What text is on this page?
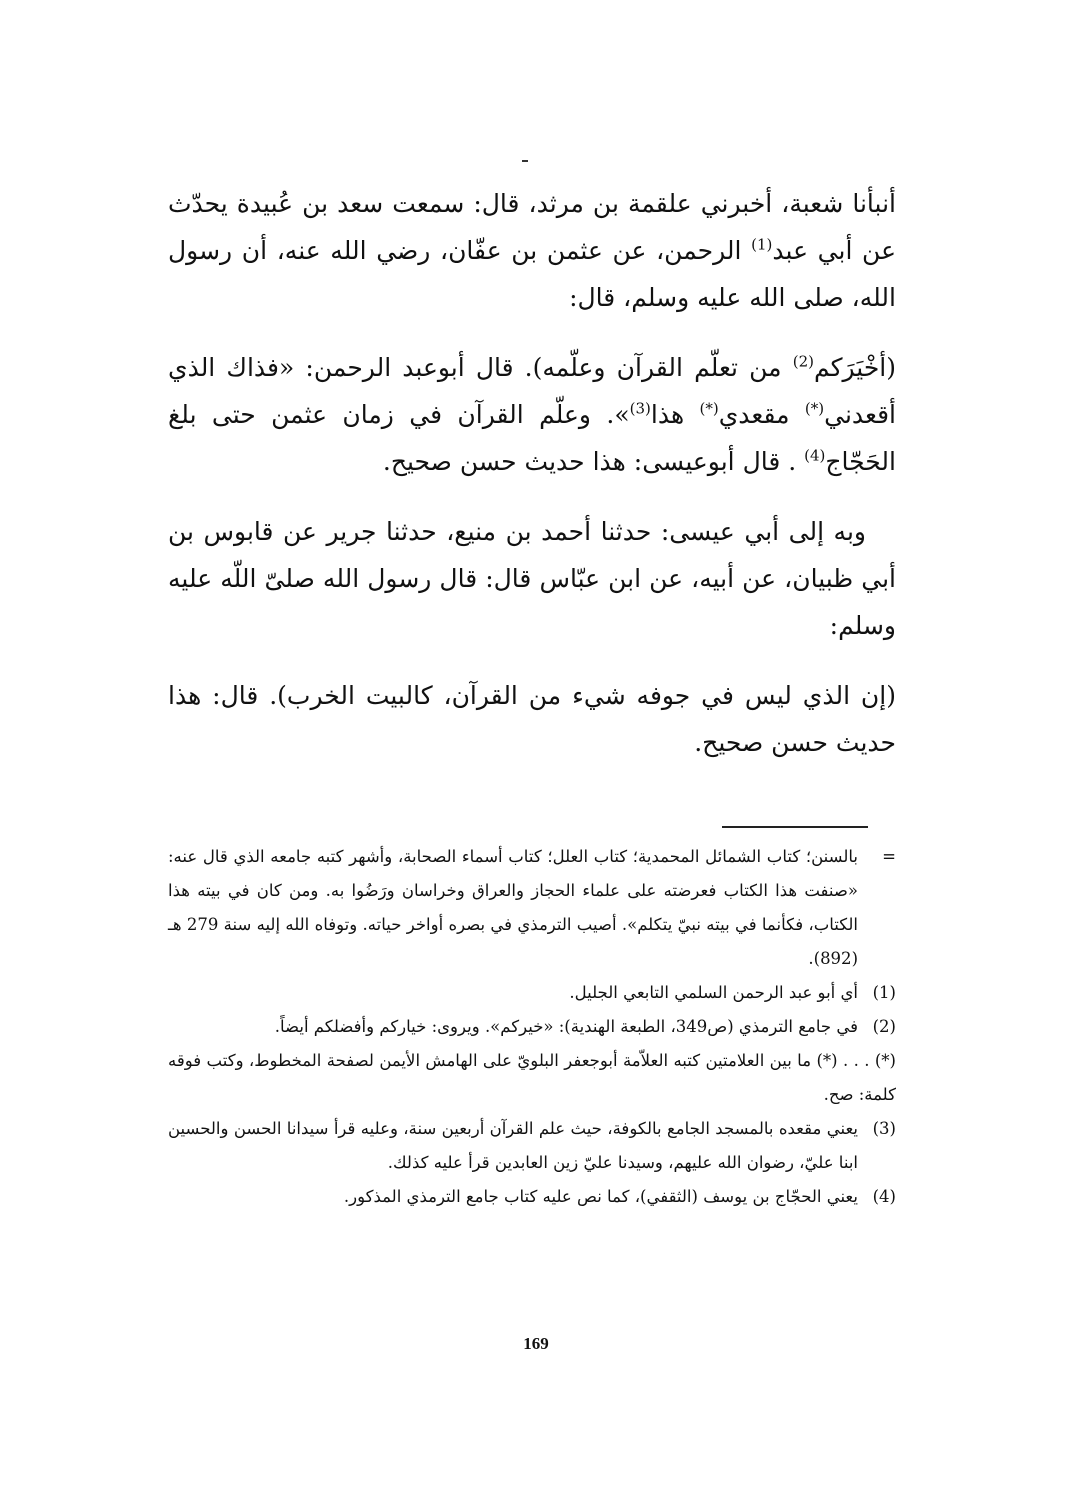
أنبأنا شعبة، أخبرني علقمة بن مرثد، قال: سمعت سعد بن عُبيدة يحدّث عن أبي عبد$^{(1)}$ الرحمن، عن عثمن بن عفّان، رضي الله عنه، أن رسول الله، صلى الله عليه وسلم، قال:

(أخْيَرَكم$^{(2)}$ من تعلّم القرآن وعلّمه). قال أبوعبد الرحمن: «فذاك الذي أقعدني(*) مقعدي(*) هذا$^{(3)}$». وعلّم القرآن في زمان عثمن حتى بلغ الحَجّاج$^{(4)}$ . قال أبوعيسى: هذا حديث حسن صحيح.

وبه إلى أبي عيسى: حدثنا أحمد بن منيع، حدثنا جرير عن قابوس بن أبي ظبيان، عن أبيه، عن ابن عبّاس قال: قال رسول الله صلىّ اللّه عليه وسلم:

(إن الذي ليس في جوفه شيء من القرآن، كالبيت الخرب). قال: هذا حديث حسن صحيح.

=
بالسنن؛ كتاب الشمائل المحمدية؛ كتاب العلل؛ كتاب أسماء الصحابة، وأشهر كتبه جامعه الذي قال عنه: «صنفت هذا الكتاب فعرضته على علماء الحجاز والعراق وخراسان ورَضُوا به. ومن كان في بيته هذا الكتاب، فكأنما في بيته نبيّ يتكلم». أصيب الترمذي في بصره أواخر حياته. وتوفاه الله إليه سنة 279 هـ (892).
(1)
أي أبو عبد الرحمن السلمي التابعي الجليل.
(2)
في جامع الترمذي (ص349، الطبعة الهندية): «خيركم». ويروى: خياركم وأفضلكم أيضاً.
(*) . . . (*) ما بين العلامتين كتبه العلاّمة أبوجعفر البلويّ على الهامش الأيمن لصفحة المخطوط، وكتب فوقه كلمة: صح.
(3)
يعني مقعده بالمسجد الجامع بالكوفة، حيث علم القرآن أربعين سنة، وعليه قرأ سيدانا الحسن والحسين ابنا عليّ، رضوان الله عليهم، وسيدنا عليّ زين العابدين قرأ عليه كذلك.
(4)
يعني الحجّاج بن يوسف (الثقفي)، كما نص عليه كتاب جامع الترمذي المذكور.
169
